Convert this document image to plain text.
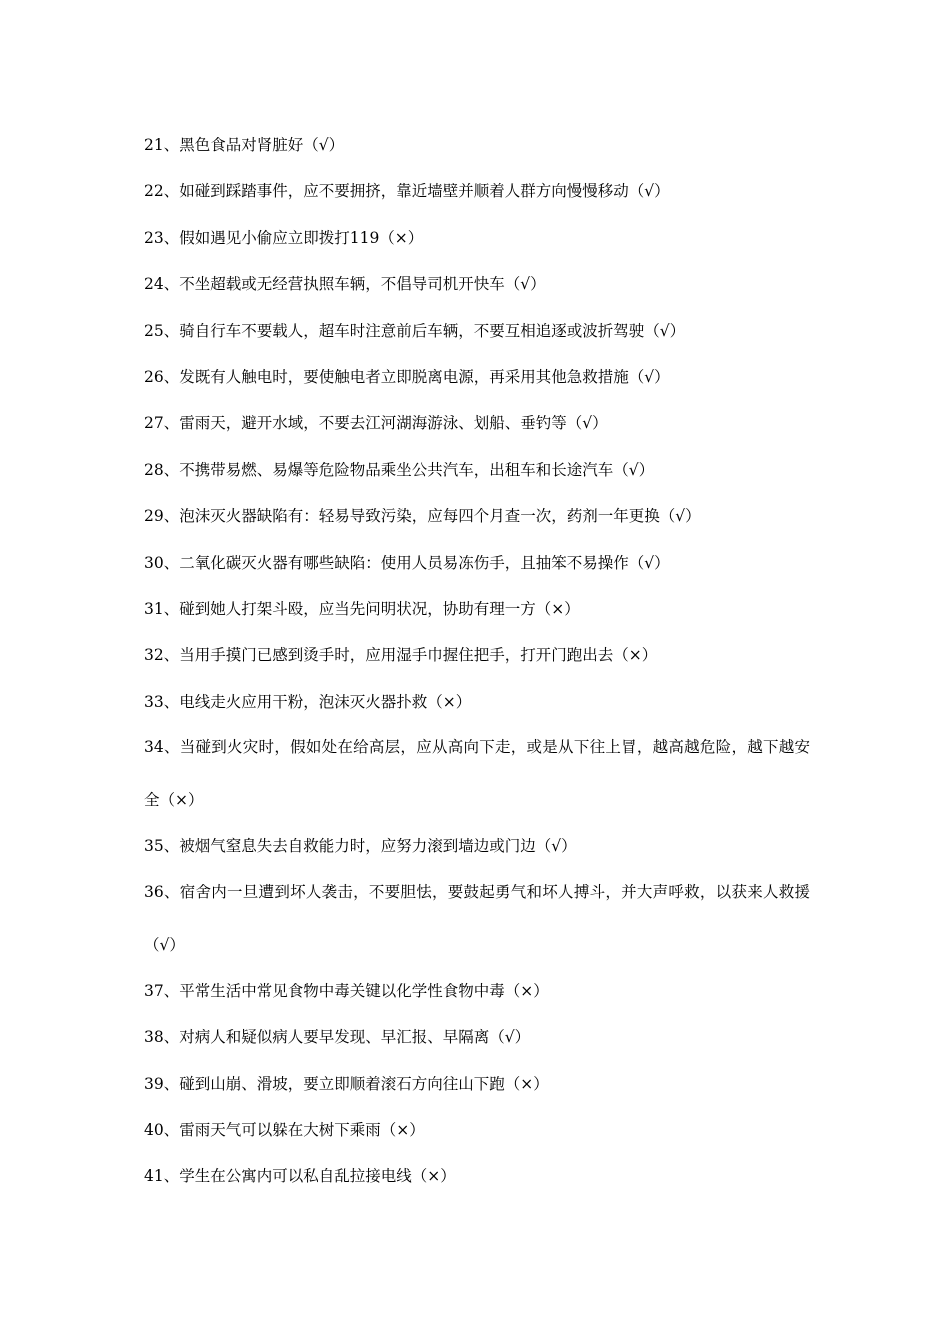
21、黑色食品对肾脏好（√）
22、如碰到踩踏事件，应不要拥挤，靠近墙壁并顺着人群方向慢慢移动（√）
23、假如遇见小偷应立即拨打119（×）
24、不坐超载或无经营执照车辆，不倡导司机开快车（√）
25、骑自行车不要载人，超车时注意前后车辆，不要互相追逐或波折驾驶（√）
26、发既有人触电时，要使触电者立即脱离电源，再采用其他急救措施（√）
27、雷雨天，避开水域，不要去江河湖海游泳、划船、垂钓等（√）
28、不携带易燃、易爆等危险物品乘坐公共汽车，出租车和长途汽车（√）
29、泡沫灭火器缺陷有：轻易导致污染，应每四个月查一次，药剂一年更换（√）
30、二氧化碳灭火器有哪些缺陷：使用人员易冻伤手，且抽笨不易操作（√）
31、碰到她人打架斗殴，应当先问明状况，协助有理一方（×）
32、当用手摸门已感到烫手时，应用湿手巾握住把手，打开门跑出去（×）
33、电线走火应用干粉，泡沫灭火器扑救（×）
34、当碰到火灾时，假如处在给高层，应从高向下走，或是从下往上冒，越高越危险，越下越安全（×）
35、被烟气窒息失去自救能力时，应努力滚到墙边或门边（√）
36、宿舍内一旦遭到坏人袭击，不要胆怯，要鼓起勇气和坏人搏斗，并大声呼救，以获来人救援（√）
37、平常生活中常见食物中毒关键以化学性食物中毒（×）
38、对病人和疑似病人要早发现、早汇报、早隔离（√）
39、碰到山崩、滑坡，要立即顺着滚石方向往山下跑（×）
40、雷雨天气可以躲在大树下乘雨（×）
41、学生在公寓内可以私自乱拉接电线（×）
